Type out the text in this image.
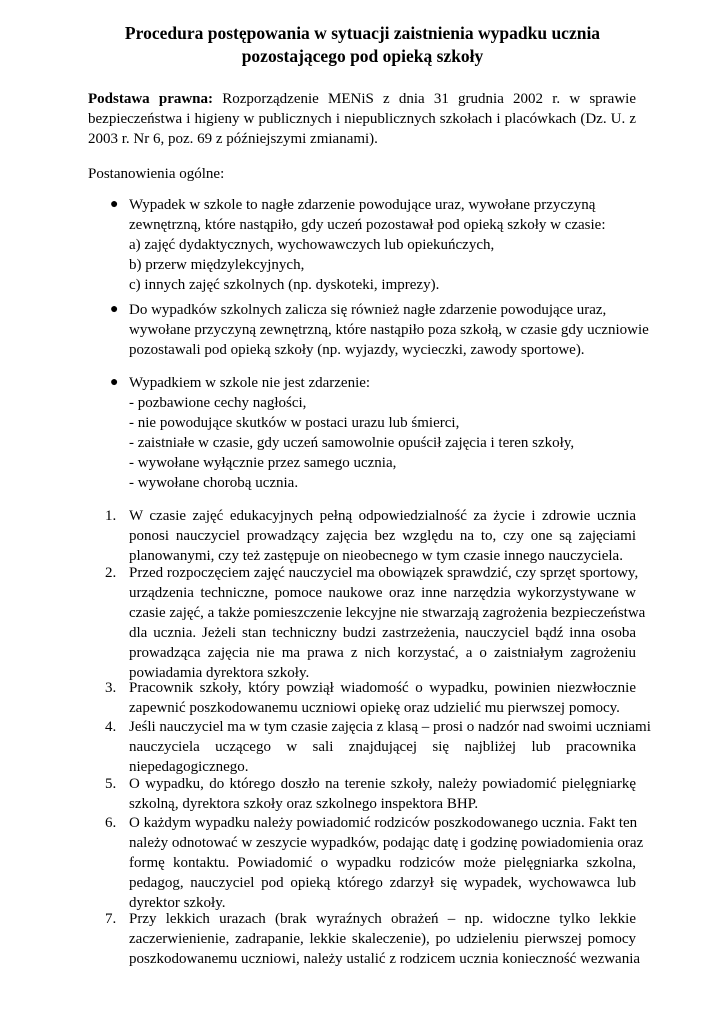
Procedura postępowania w sytuacji zaistnienia wypadku ucznia
pozostającego pod opieką szkoły
Podstawa prawna: Rozporządzenie MENiS z dnia 31 grudnia 2002 r. w sprawie bezpieczeństwa i higieny w publicznych i niepublicznych szkołach i placówkach (Dz. U. z 2003 r. Nr 6, poz. 69 z późniejszymi zmianami).
Postanowienia ogólne:
● Wypadek w szkole to nagłe zdarzenie powodujące uraz, wywołane przyczyną
zewnętrzną, które nastąpiło, gdy uczeń pozostawał pod opieką szkoły w czasie:
a) zajęć dydaktycznych, wychowawczych lub opiekuńczych,
b) przerw międzylekcyjnych,
c) innych zajęć szkolnych (np. dyskoteki, imprezy).
● Do wypadków szkolnych zalicza się również nagłe zdarzenie powodujące uraz,
wywołane przyczyną zewnętrzną, które nastąpiło poza szkołą, w czasie gdy uczniowie
pozostawali pod opieką szkoły (np. wyjazdy, wycieczki, zawody sportowe).
● Wypadkiem w szkole nie jest zdarzenie:
- pozbawione cechy nagłości,
- nie powodujące skutków w postaci urazu lub śmierci,
- zaistniałe w czasie, gdy uczeń samowolnie opuścił zajęcia i teren szkoły,
- wywołane wyłącznie przez samego ucznia,
- wywołane chorobą ucznia.
1. W czasie zajęć edukacyjnych pełną odpowiedzialność za życie i zdrowie ucznia
ponosi nauczyciel prowadzący zajęcia bez względu na to, czy one są zajęciami
planowanymi, czy też zastępuje on nieobecnego w tym czasie innego nauczyciela.
2. Przed rozpoczęciem zajęć nauczyciel ma obowiązek sprawdzić, czy sprzęt sportowy,
urządzenia techniczne, pomoce naukowe oraz inne narzędzia wykorzystywane w
czasie zajęć, a także pomieszczenie lekcyjne nie stwarzają zagrożenia bezpieczeństwa
dla ucznia. Jeżeli stan techniczny budzi zastrzeżenia, nauczyciel bądź inna osoba
prowadząca zajęcia nie ma prawa z nich korzystać, a o zaistniałym zagrożeniu
powiadamia dyrektora szkoły.
3. Pracownik szkoły, który powziął wiadomość o wypadku, powinien niezwłocznie
zapewnić poszkodowanemu uczniowi opiekę oraz udzielić mu pierwszej pomocy.
4. Jeśli nauczyciel ma w tym czasie zajęcia z klasą – prosi o nadzór nad swoimi uczniami
nauczyciela uczącego w sali znajdującej się najbliżej lub pracownika
niepedagogicznego.
5. O wypadku, do którego doszło na terenie szkoły, należy powiadomić pielęgniarkę
szkolną, dyrektora szkoły oraz szkolnego inspektora BHP.
6. O każdym wypadku należy powiadomić rodziców poszkodowanego ucznia. Fakt ten
należy odnotować w zeszycie wypadków, podając datę i godzinę powiadomienia oraz
formę kontaktu. Powiadomić o wypadku rodziców może pielęgniarka szkolna,
pedagog, nauczyciel pod opieką którego zdarzył się wypadek, wychowawca lub
dyrektor szkoły.
7. Przy lekkich urazach (brak wyraźnych obrażeń – np. widoczne tylko lekkie
zaczerwienienie, zadrapanie, lekkie skaleczenie), po udzieleniu pierwszej pomocy
poszkodowanemu uczniowi, należy ustalić z rodzicem ucznia konieczność wezwania
